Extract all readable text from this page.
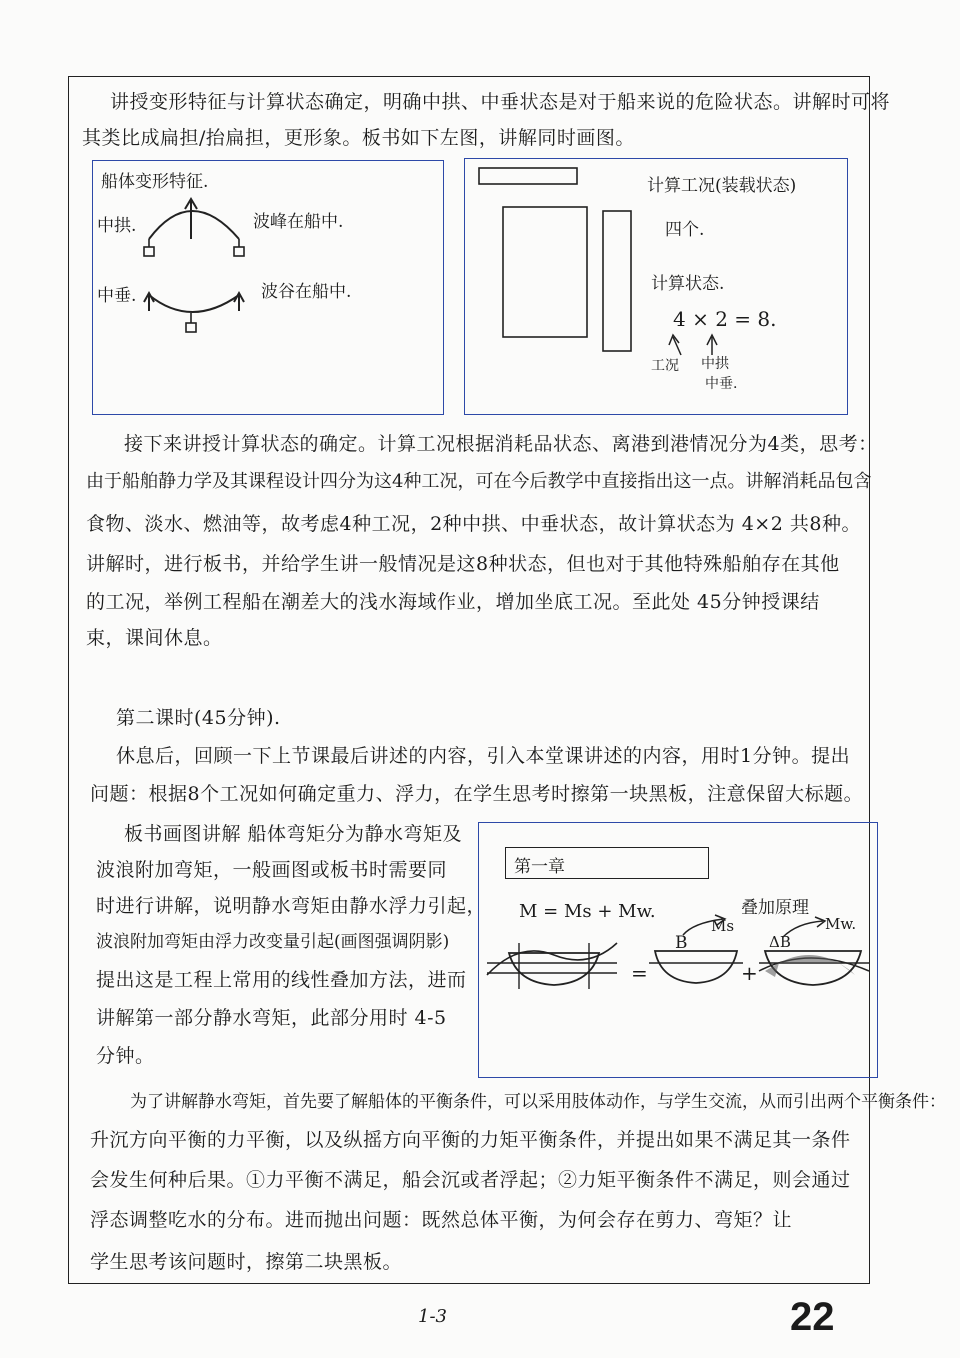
讲授变形特征与计算状态确定，明确中拱、中垂状态是对于船来说的危险状态。讲解时可将
其类比成扁担/抬扁担，更形象。板书如下左图，讲解同时画图。
船体变形特征.
中拱.	波峰在船中.
中垂.	波谷在船中.
计算工况(装载状态)
四个.
计算状态.
4 × 2 = 8.
工况 中拱
中垂.
接下来讲授计算状态的确定。计算工况根据消耗品状态、离港到港情况分为4类，思考：
由于船舶静力学及其课程设计四分为这4种工况，可在今后教学中直接指出这一点。讲解消耗品包含
食物、淡水、燃油等，故考虑4种工况，2种中拱、中垂状态，故计算状态为 4×2 共8种。
讲解时，进行板书，并给学生讲一般情况是这8种状态，但也对于其他特殊船舶存在其他
的工况，举例工程船在潮差大的浅水海域作业，增加坐底工况。至此处 45分钟授课结
束，课间休息。
第二课时(45分钟).
休息后，回顾一下上节课最后讲述的内容，引入本堂课讲述的内容，用时1分钟。提出
问题：根据8个工况如何确定重力、浮力，在学生思考时擦第一块黑板，注意保留大标题。
板书画图讲解 船体弯矩分为静水弯矩及
波浪附加弯矩，一般画图或板书时需要同
时进行讲解，说明静水弯矩由静水浮力引起，
波浪附加弯矩由浮力改变量引起(画图强调阴影)
提出这是工程上常用的线性叠加方法，进而
讲解第一部分静水弯矩，此部分用时 4-5
分钟。
第一章
M = Ms + Mw.	叠加原理
B
Ms
ΔB
Mw.
=	+
为了讲解静水弯矩，首先要了解船体的平衡条件，可以采用肢体动作，与学生交流，从而引出两个平衡条件：
升沉方向平衡的力平衡，以及纵摇方向平衡的力矩平衡条件，并提出如果不满足其一条件
会发生何种后果。①力平衡不满足，船会沉或者浮起；②力矩平衡条件不满足，则会通过
浮态调整吃水的分布。进而抛出问题：既然总体平衡，为何会存在剪力、弯矩？让
学生思考该问题时，擦第二块黑板。
1-3	22
